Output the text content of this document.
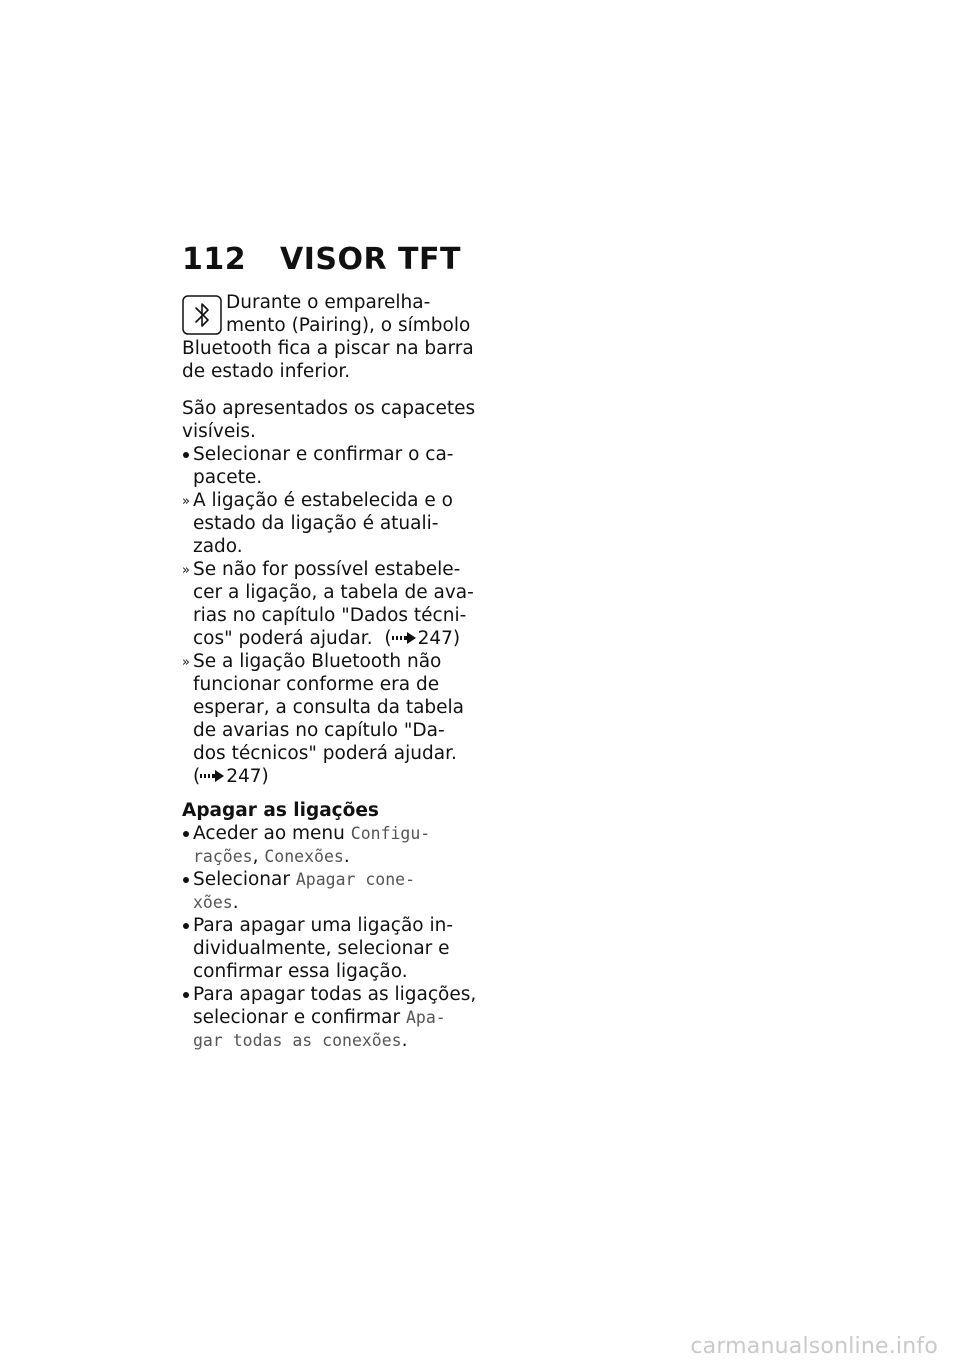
112 VISOR TFT
Durante o emparelha-
mento (Pairing), o símbolo
Bluetooth fica a piscar na barra
de estado inferior.

São apresentados os capacetes
visíveis.

Selecionar e confirmar o ca-
pacete.
» A ligação é estabelecida e o
estado da ligação é atuali-
zado.
» Se não for possível estabele-
cer a ligação, a tabela de ava-
rias no capítulo "Dados técni-
cos" poderá ajudar.  ( 247)
» Se a ligação Bluetooth não
funcionar conforme era de
esperar, a consulta da tabela
de avarias no capítulo "Da-
dos técnicos" poderá ajudar.
( 247)
Apagar as ligações
Aceder ao menu Configu-
rações, Conexões.
Selecionar Apagar cone-
xões.
Para apagar uma ligação in-
dividualmente, selecionar e
confirmar essa ligação.
Para apagar todas as ligações,
selecionar e confirmar Apa-
gar todas as conexões.
carmanualsonline.info
